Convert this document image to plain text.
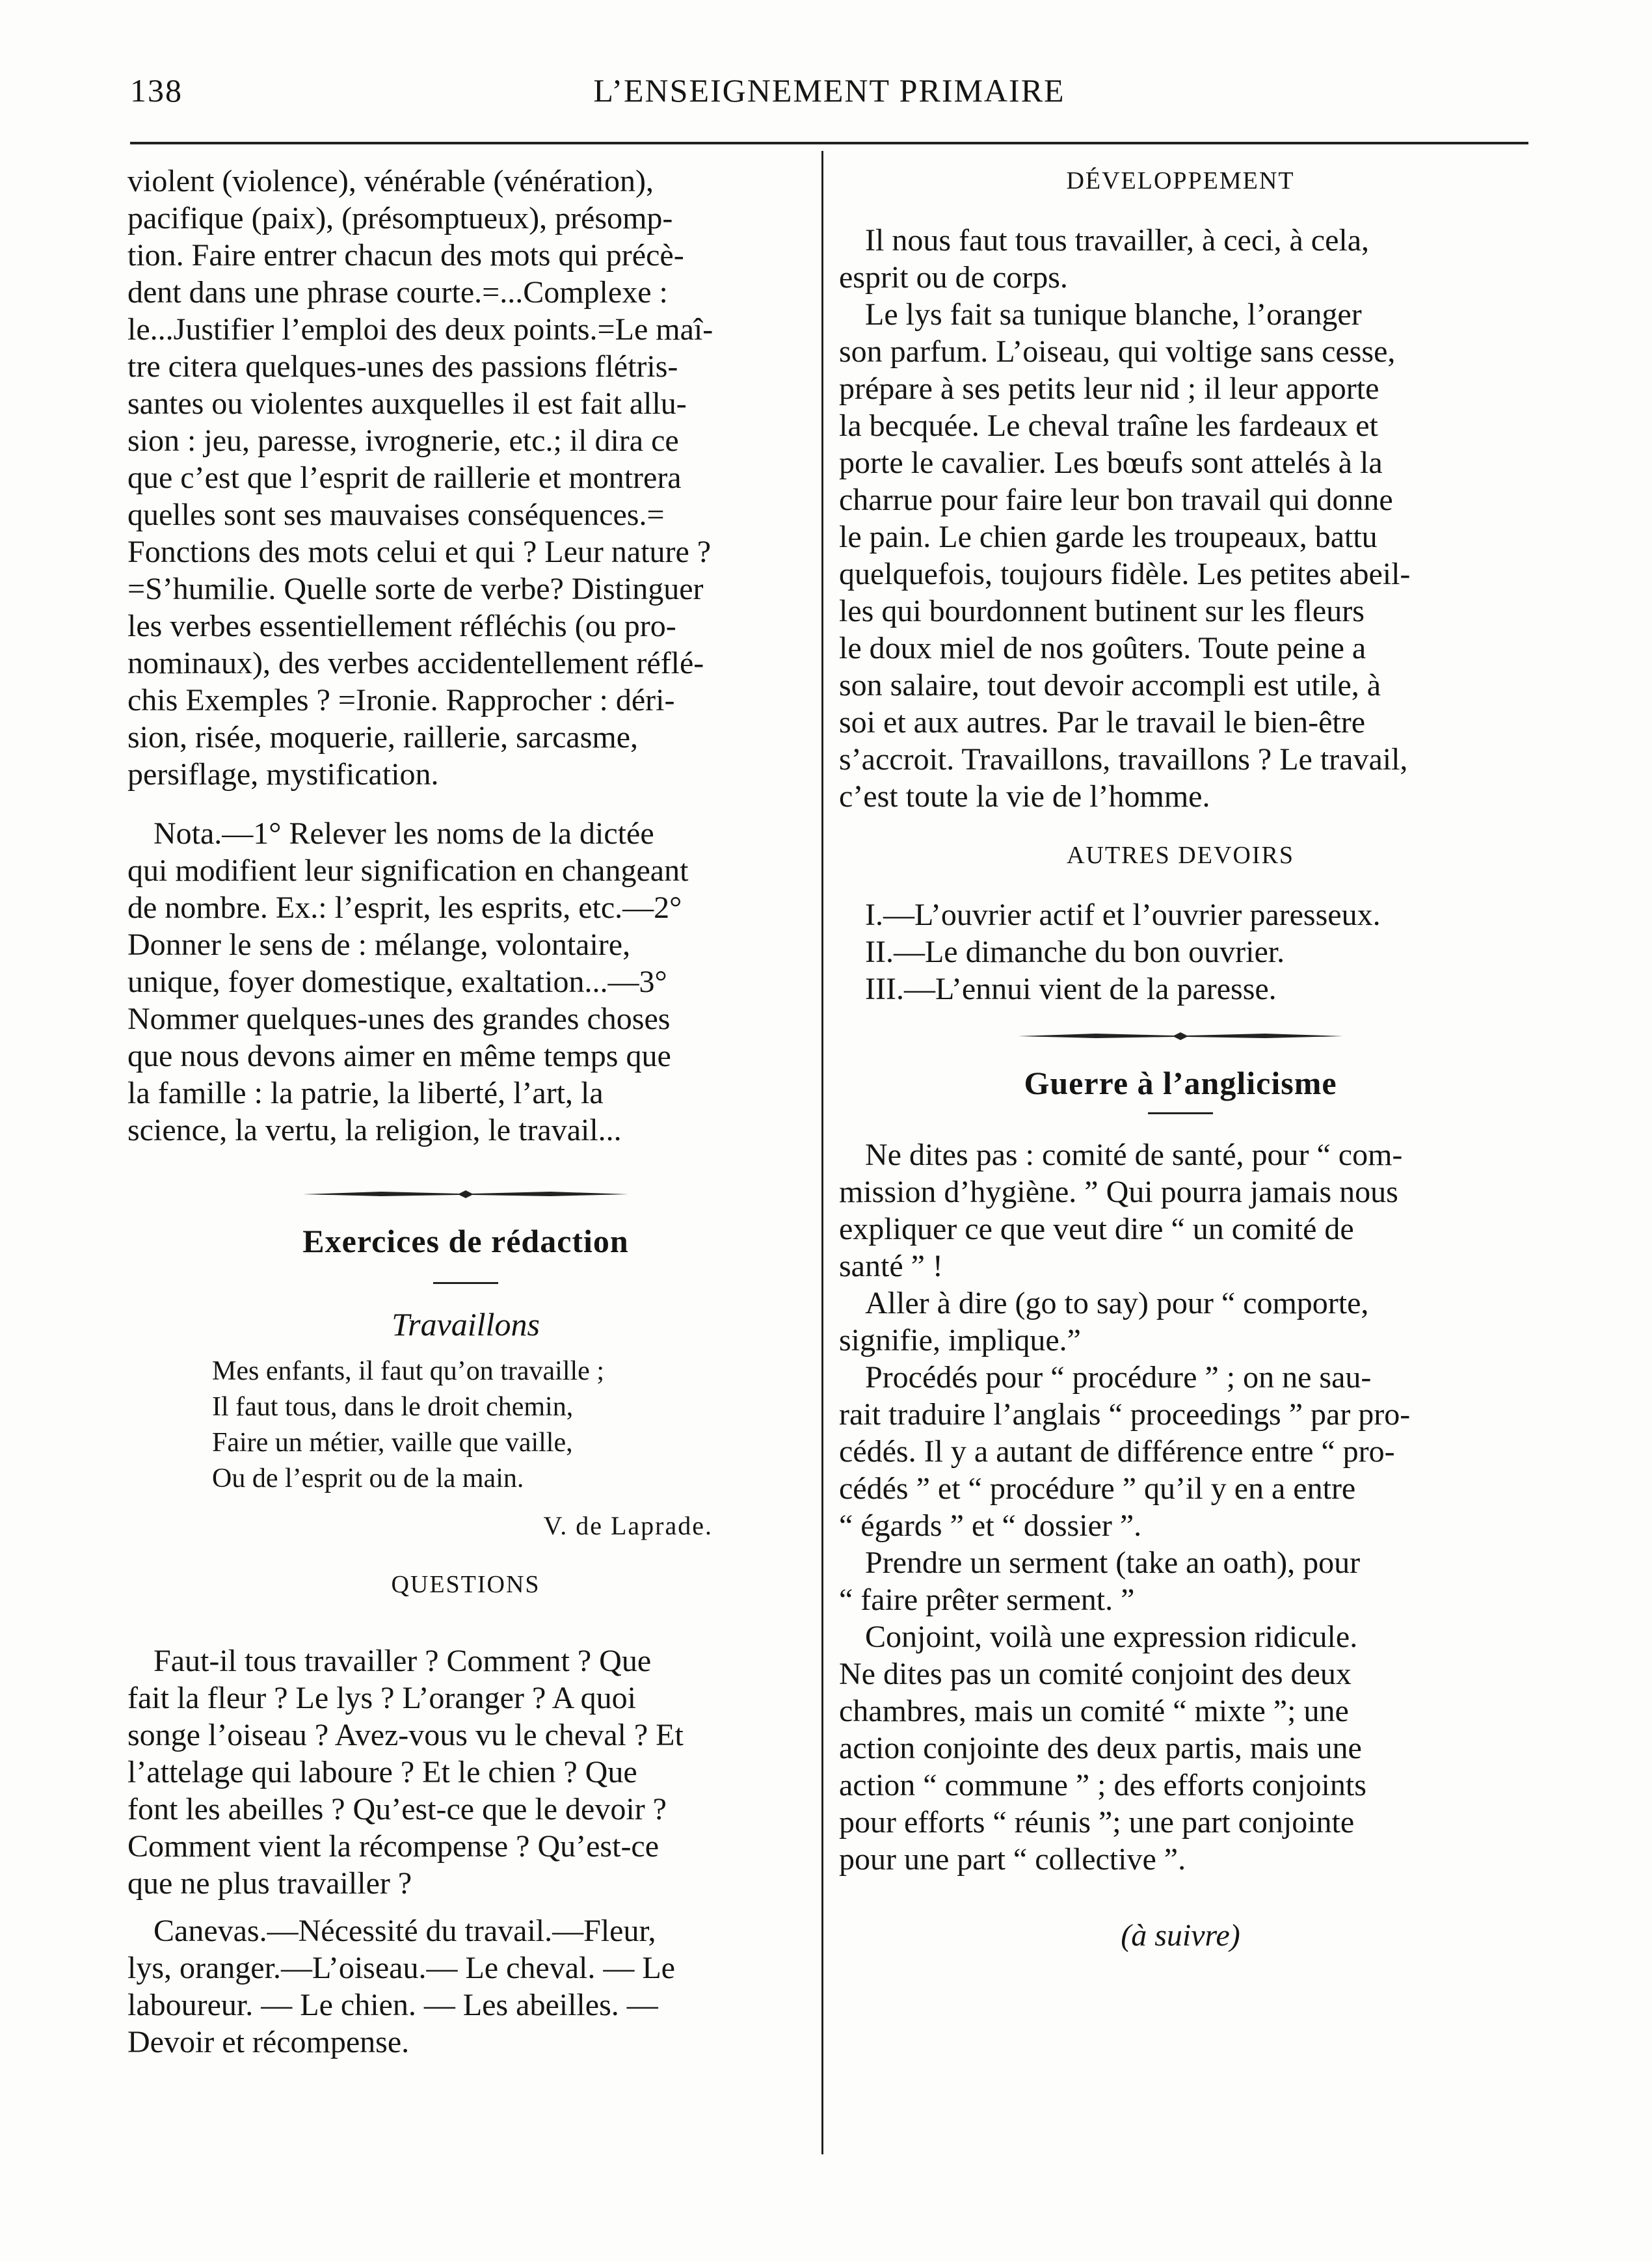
138	L’ENSEIGNEMENT PRIMAIRE
violent (violence), vénérable (vénération),
pacifique (paix), (présomptueux), présomp-
tion. Faire entrer chacun des mots qui précè-
dent dans une phrase courte.=...Complexe :
le...Justifier l’emploi des deux points.=Le maî-
tre citera quelques-unes des passions flétris-
santes ou violentes auxquelles il est fait allu-
sion : jeu, paresse, ivrognerie, etc.; il dira ce
que c’est que l’esprit de raillerie et montrera
quelles sont ses mauvaises conséquences.=
Fonctions des mots celui et qui ? Leur nature ?
=S’humilie. Quelle sorte de verbe? Distinguer
les verbes essentiellement réfléchis (ou pro-
nominaux), des verbes accidentellement réflé-
chis Exemples ? =Ironie. Rapprocher : déri-
sion, risée, moquerie, raillerie, sarcasme,
persiflage, mystification.
Nota.—1° Relever les noms de la dictée
qui modifient leur signification en changeant
de nombre. Ex.: l’esprit, les esprits, etc.—2°
Donner le sens de : mélange, volontaire,
unique, foyer domestique, exaltation...—3°
Nommer quelques-unes des grandes choses
que nous devons aimer en même temps que
la famille : la patrie, la liberté, l’art, la
science, la vertu, la religion, le travail...
Exercices de rédaction
Travaillons
Mes enfants, il faut qu’on travaille ;
Il faut tous, dans le droit chemin,
Faire un métier, vaille que vaille,
Ou de l’esprit ou de la main.
V. de Laprade.
QUESTIONS
Faut-il tous travailler ? Comment ? Que
fait la fleur ? Le lys ? L’oranger ? A quoi
songe l’oiseau ? Avez-vous vu le cheval ? Et
l’attelage qui laboure ? Et le chien ? Que
font les abeilles ? Qu’est-ce que le devoir ?
Comment vient la récompense ? Qu’est-ce
que ne plus travailler ?
Canevas.—Nécessité du travail.—Fleur,
lys, oranger.—L’oiseau.— Le cheval. — Le
laboureur. — Le chien. — Les abeilles. —
Devoir et récompense.
DÉVELOPPEMENT
Il nous faut tous travailler, à ceci, à cela,
esprit ou de corps.
Le lys fait sa tunique blanche, l’oranger
son parfum. L’oiseau, qui voltige sans cesse,
prépare à ses petits leur nid ; il leur apporte
la becquée. Le cheval traîne les fardeaux et
porte le cavalier. Les bœufs sont attelés à la
charrue pour faire leur bon travail qui donne
le pain. Le chien garde les troupeaux, battu
quelquefois, toujours fidèle. Les petites abeil-
les qui bourdonnent butinent sur les fleurs
le doux miel de nos goûters. Toute peine a
son salaire, tout devoir accompli est utile, à
soi et aux autres. Par le travail le bien-être
s’accroit. Travaillons, travaillons ? Le travail,
c’est toute la vie de l’homme.
AUTRES DEVOIRS
I.—L’ouvrier actif et l’ouvrier paresseux.
II.—Le dimanche du bon ouvrier.
III.—L’ennui vient de la paresse.
Guerre à l’anglicisme
Ne dites pas : comité de santé, pour “ com-
mission d’hygiène. ” Qui pourra jamais nous
expliquer ce que veut dire “ un comité de
santé ” !
Aller à dire (go to say) pour “ comporte,
signifie, implique.”
Procédés pour “ procédure ” ; on ne sau-
rait traduire l’anglais “ proceedings ” par pro-
cédés. Il y a autant de différence entre “ pro-
cédés ” et “ procédure ” qu’il y en a entre
“ égards ” et “ dossier ”.
Prendre un serment (take an oath), pour
“ faire prêter serment. ”
Conjoint, voilà une expression ridicule.
Ne dites pas un comité conjoint des deux
chambres, mais un comité “ mixte ”; une
action conjointe des deux partis, mais une
action “ commune ” ; des efforts conjoints
pour efforts “ réunis ”; une part conjointe
pour une part “ collective ”.
(à suivre)
